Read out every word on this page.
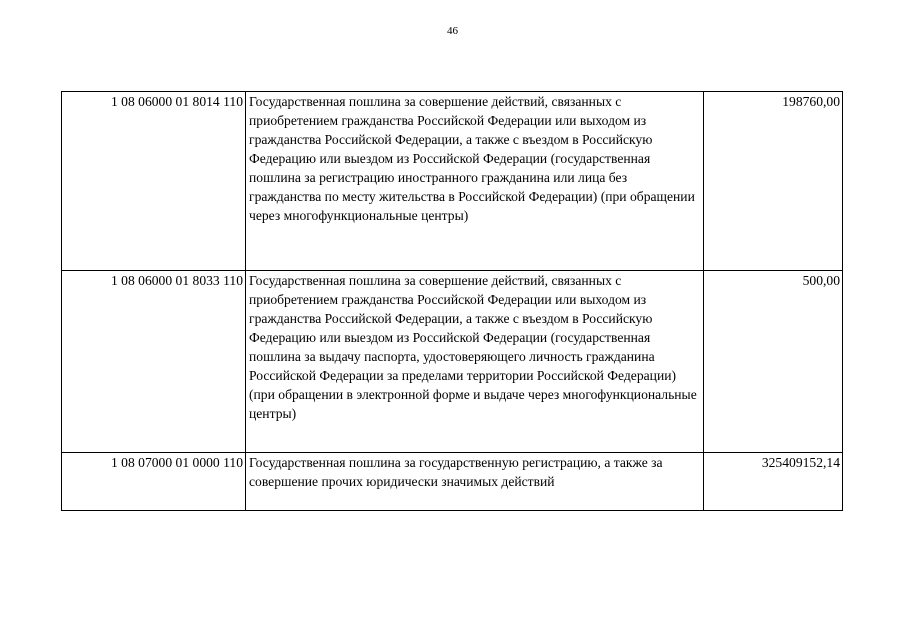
46
1 08 06000 01 8014 110	Государственная пошлина за совершение действий, связанных с приобретением гражданства Российской Федерации или выходом из гражданства Российской Федерации, а также с въездом в Российскую Федерацию или выездом из Российской Федерации (государственная пошлина за регистрацию иностранного гражданина или лица без гражданства по месту жительства в Российской Федерации) (при обращении через многофункциональные центры)	198760,00
1 08 06000 01 8033 110	Государственная пошлина за совершение действий, связанных с приобретением гражданства Российской Федерации или выходом из гражданства Российской Федерации, а также с въездом в Российскую Федерацию или выездом из Российской Федерации (государственная пошлина за выдачу паспорта, удостоверяющего личность гражданина Российской Федерации за пределами территории Российской Федерации) (при обращении в электронной форме и выдаче через многофункциональные центры)	500,00
1 08 07000 01 0000 110	Государственная пошлина за государственную регистрацию, а также за совершение прочих юридически значимых действий	325409152,14
